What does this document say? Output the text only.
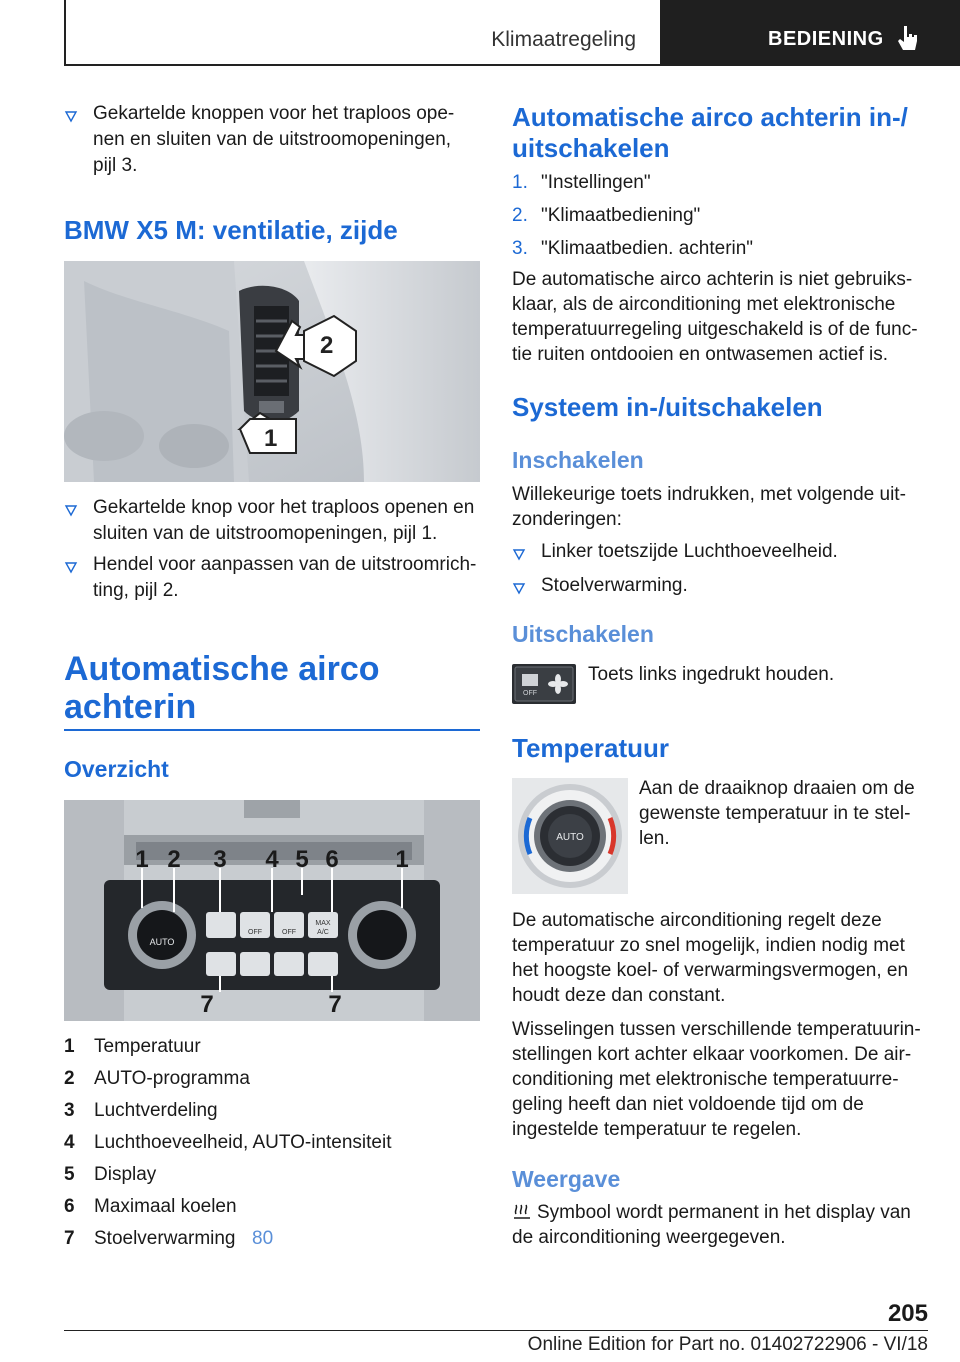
Klimaatregeling	BEDIENING
Gekartelde knoppen voor het traploos ope-
nen en sluiten van de uitstroomopeningen,
pijl 3.
BMW X5 M: ventilatie, zijde
2
1
Gekartelde knop voor het traploos openen en
sluiten van de uitstroomopeningen, pijl 1.
Hendel voor aanpassen van de uitstroomrich-
ting, pijl 2.
Automatische airco
achterin
Overzicht
AUTO
OFF	OFF
MAX
A/C
1 2 3 4 5 6 1
7	7
1 Temperatuur
2 AUTO-programma
3 Luchtverdeling
4 Luchthoeveelheid, AUTO-intensiteit
5 Display
6 Maximaal koelen
7 Stoelverwarming 80
Automatische airco achterin in-/
uitschakelen
1. "Instellingen"
2. "Klimaatbediening"
3. "Klimaatbedien. achterin"
De automatische airco achterin is niet gebruiks-
klaar, als de airconditioning met elektronische
temperatuurregeling uitgeschakeld is of de func-
tie ruiten ontdooien en ontwasemen actief is.
Systeem in-/uitschakelen
Inschakelen
Willekeurige toets indrukken, met volgende uit-
zonderingen:
Linker toetszijde Luchthoeveelheid.
Stoelverwarming.
Uitschakelen
OFF
Toets links ingedrukt houden.
Temperatuur
AUTO
Aan de draaiknop draaien om de
gewenste temperatuur in te stel-
len.
De automatische airconditioning regelt deze
temperatuur zo snel mogelijk, indien nodig met
het hoogste koel- of verwarmingsvermogen, en
houdt deze dan constant.
Wisselingen tussen verschillende temperatuurin-
stellingen kort achter elkaar voorkomen. De air-
conditioning met elektronische temperatuurre-
geling heeft dan niet voldoende tijd om de
ingestelde temperatuur te regelen.
Weergave
Symbool wordt permanent in het display van
de airconditioning weergegeven.
205
Online Edition for Part no. 01402722906 - VI/18
